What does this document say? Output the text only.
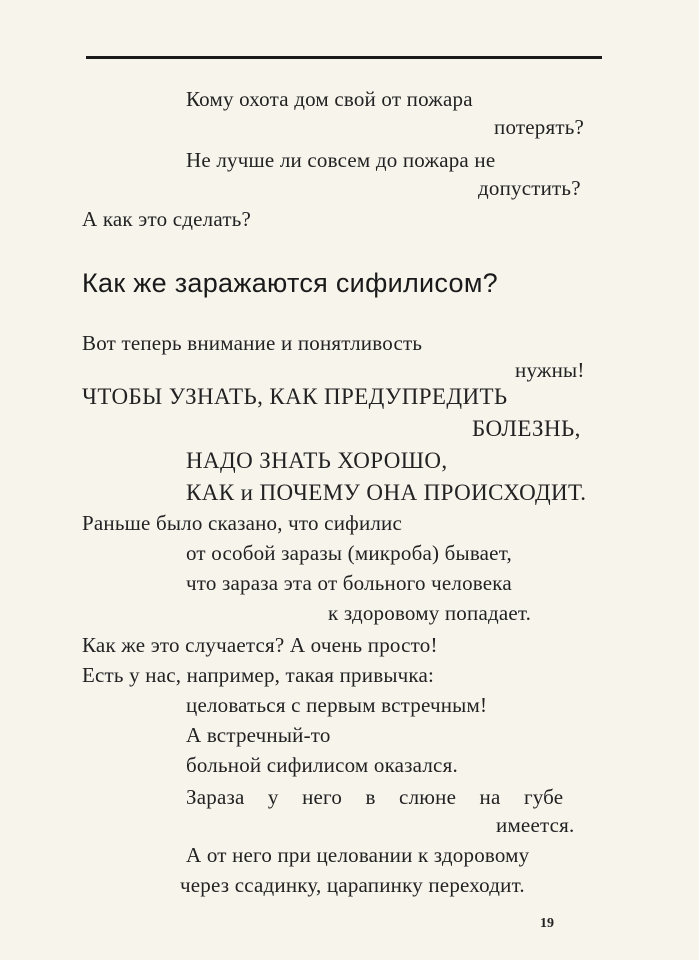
Кому охота дом свой от пожара
потерять?
Не лучше ли совсем до пожара не
допустить?
А как это сделать?
Как же заражаются сифилисом?
Вот теперь внимание и понятливость
нужны!
ЧТОБЫ УЗНАТЬ, КАК ПРЕДУПРЕДИТЬ
БОЛЕЗНЬ,
НАДО ЗНАТЬ ХОРОШО,
КАК и ПОЧЕМУ ОНА ПРОИСХОДИТ.
Раньше было сказано, что сифилис
от особой заразы (микроба) бывает,
что зараза эта от больного человека
к здоровому попадает.
Как же это случается? А очень просто!
Есть у нас, например, такая привычка:
целоваться с первым встречным!
А встречный-то
больной сифилисом оказался.
Зараза у него в слюне на губе
имеется.
А от него при целовании к здоровому
через ссадинку, царапинку переходит.
19
